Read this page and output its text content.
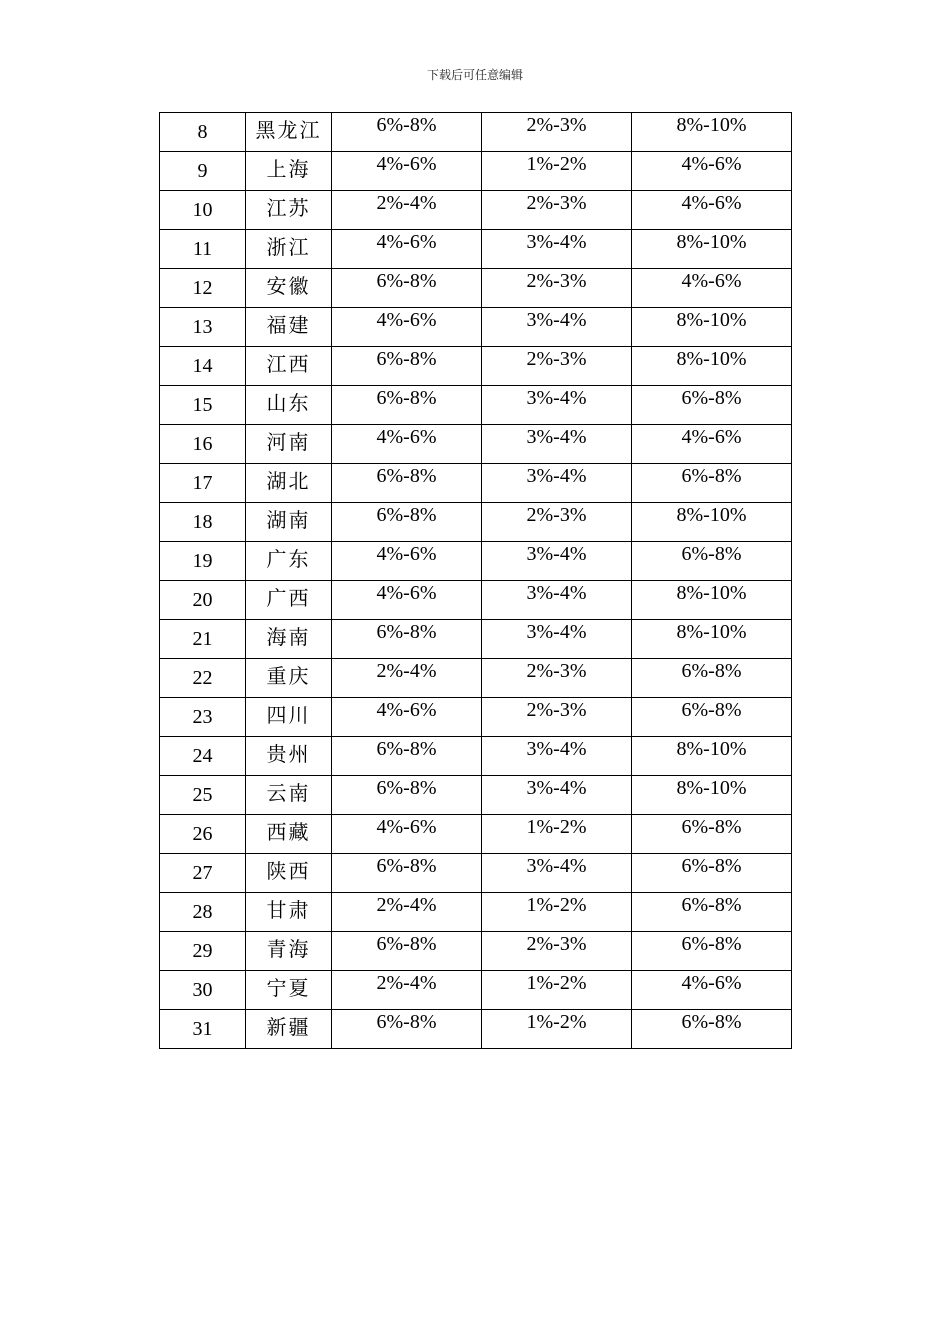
下载后可任意编辑
8	黑龙江	6%-8%	2%-3%	8%-10%
9	上海	4%-6%	1%-2%	4%-6%
10	江苏	2%-4%	2%-3%	4%-6%
11	浙江	4%-6%	3%-4%	8%-10%
12	安徽	6%-8%	2%-3%	4%-6%
13	福建	4%-6%	3%-4%	8%-10%
14	江西	6%-8%	2%-3%	8%-10%
15	山东	6%-8%	3%-4%	6%-8%
16	河南	4%-6%	3%-4%	4%-6%
17	湖北	6%-8%	3%-4%	6%-8%
18	湖南	6%-8%	2%-3%	8%-10%
19	广东	4%-6%	3%-4%	6%-8%
20	广西	4%-6%	3%-4%	8%-10%
21	海南	6%-8%	3%-4%	8%-10%
22	重庆	2%-4%	2%-3%	6%-8%
23	四川	4%-6%	2%-3%	6%-8%
24	贵州	6%-8%	3%-4%	8%-10%
25	云南	6%-8%	3%-4%	8%-10%
26	西藏	4%-6%	1%-2%	6%-8%
27	陕西	6%-8%	3%-4%	6%-8%
28	甘肃	2%-4%	1%-2%	6%-8%
29	青海	6%-8%	2%-3%	6%-8%
30	宁夏	2%-4%	1%-2%	4%-6%
31	新疆	6%-8%	1%-2%	6%-8%
